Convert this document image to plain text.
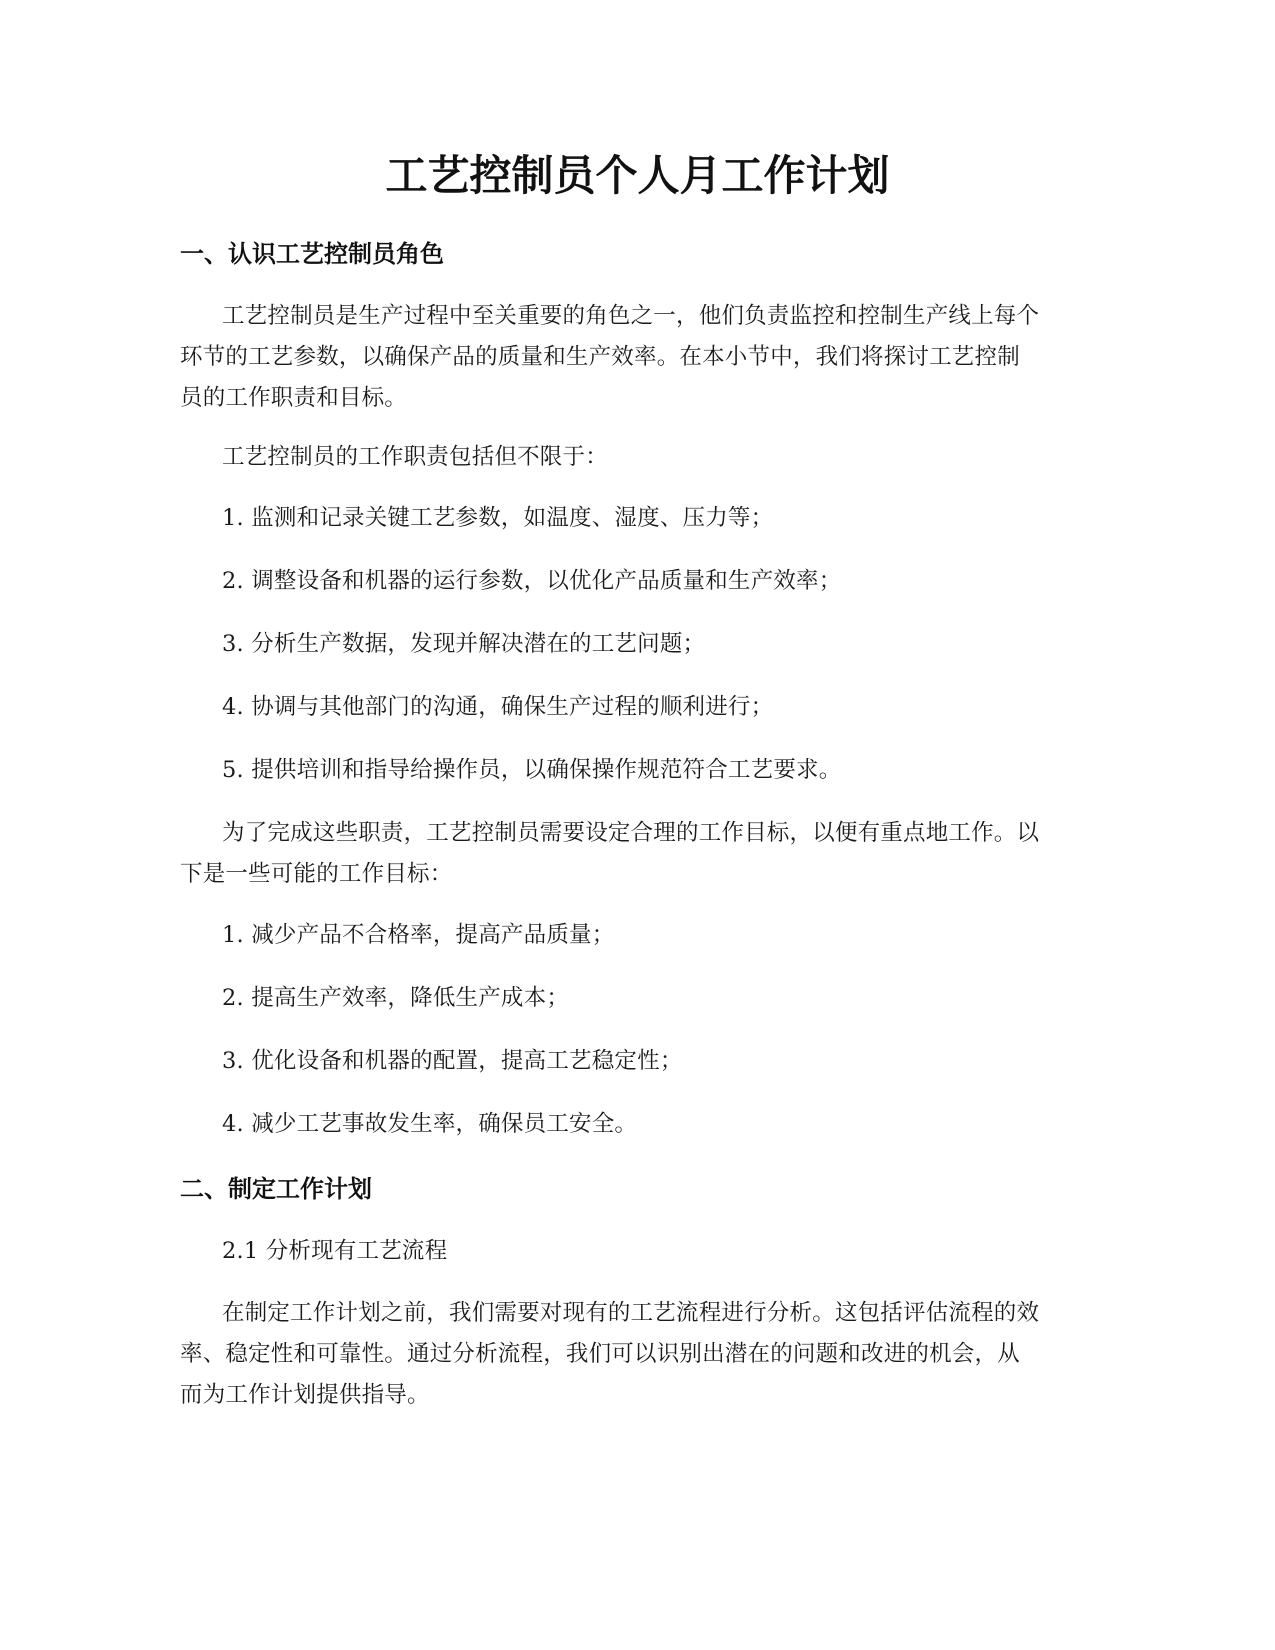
工艺控制员个人月工作计划
一、认识工艺控制员角色

工艺控制员是生产过程中至关重要的角色之一，他们负责监控和控制生产线上每个环节的工艺参数，以确保产品的质量和生产效率。在本小节中，我们将探讨工艺控制员的工作职责和目标。

工艺控制员的工作职责包括但不限于：

1. 监测和记录关键工艺参数，如温度、湿度、压力等；

2. 调整设备和机器的运行参数，以优化产品质量和生产效率；

3. 分析生产数据，发现并解决潜在的工艺问题；

4. 协调与其他部门的沟通，确保生产过程的顺利进行；

5. 提供培训和指导给操作员，以确保操作规范符合工艺要求。

为了完成这些职责，工艺控制员需要设定合理的工作目标，以便有重点地工作。以下是一些可能的工作目标：

1. 减少产品不合格率，提高产品质量；

2. 提高生产效率，降低生产成本；

3. 优化设备和机器的配置，提高工艺稳定性；

4. 减少工艺事故发生率，确保员工安全。

二、制定工作计划

2.1 分析现有工艺流程

在制定工作计划之前，我们需要对现有的工艺流程进行分析。这包括评估流程的效率、稳定性和可靠性。通过分析流程，我们可以识别出潜在的问题和改进的机会，从而为工作计划提供指导。
